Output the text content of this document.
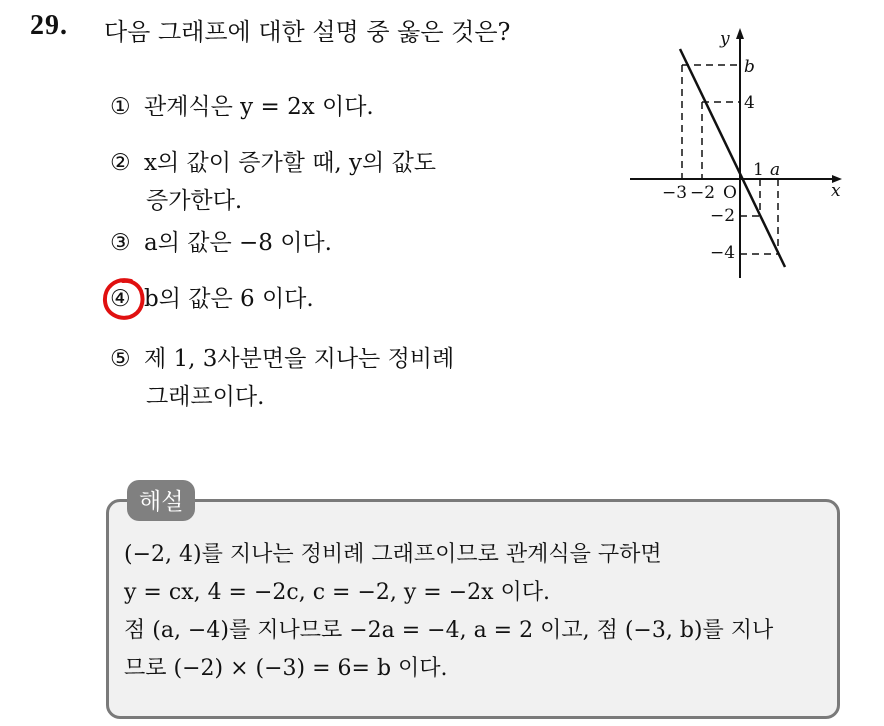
29. 다음 그래프에 대한 설명 중 옳은 것은?
① 관계식은 y = 2x 이다.
② x의 값이 증가할 때, y의 값도
증가한다.
③ a의 값은 −8 이다.
④ b의 값은 6 이다.
⑤ 제 1, 3사분면을 지나는 정비례
그래프이다.
y
x
b
4
1 a
−3 −2 O
−2
−4
해설
(−2, 4)를 지나는 정비례 그래프이므로 관계식을 구하면
y = cx, 4 = −2c, c = −2, y = −2x 이다.
점 (a, −4)를 지나므로 −2a = −4, a = 2 이고, 점 (−3, b)를 지나
므로 (−2) × (−3) = 6= b 이다.
